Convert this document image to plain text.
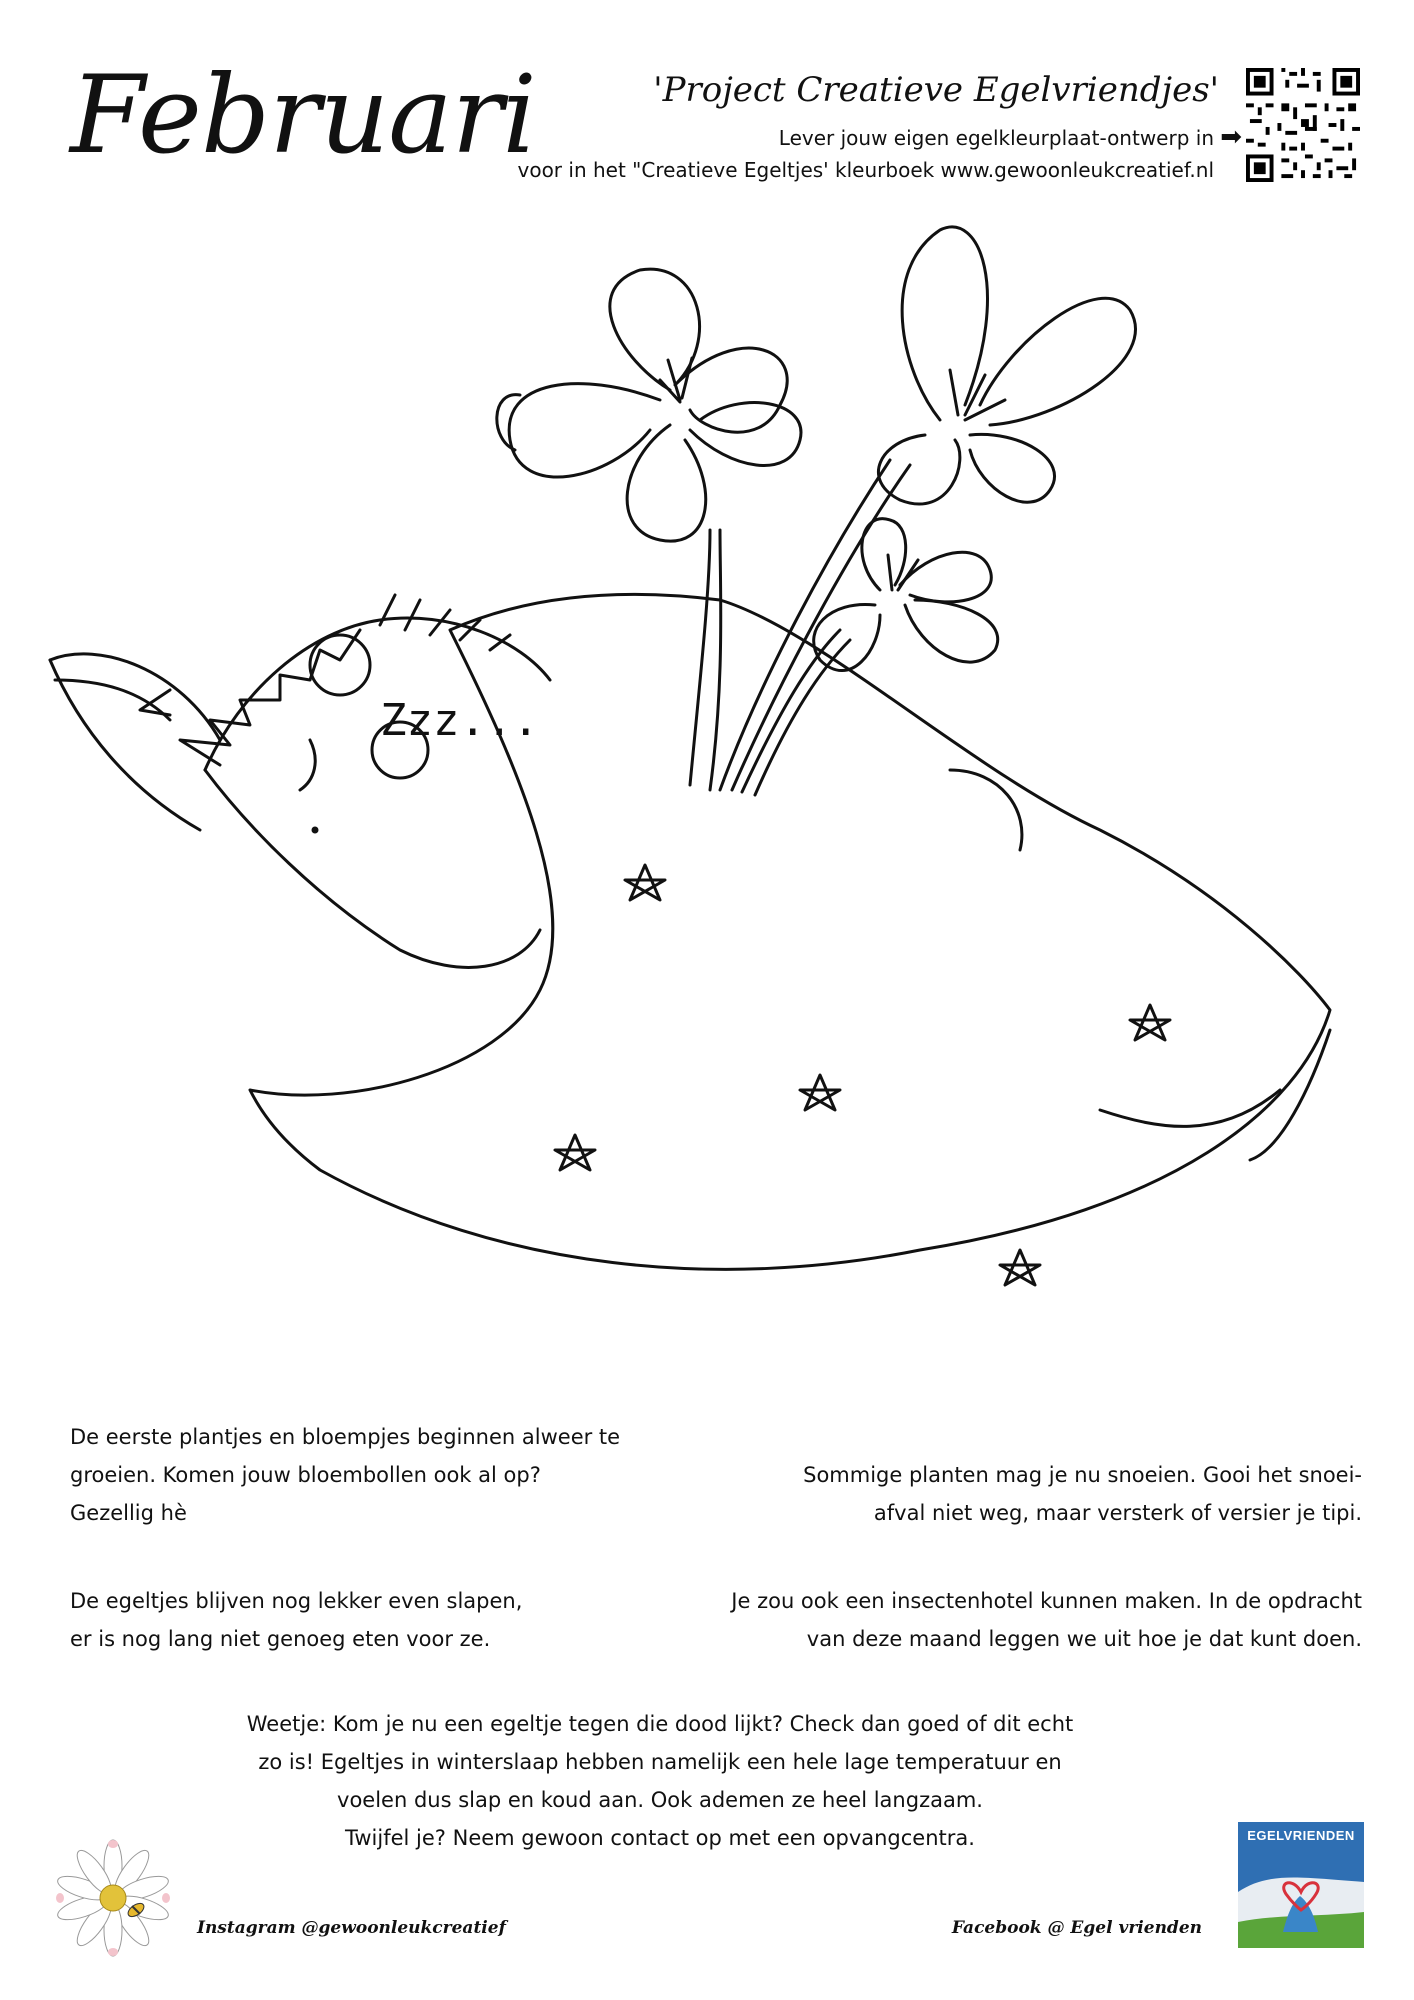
Februari	'Project Creatieve Egelvriendjes'
Lever jouw eigen egelkleurplaat-ontwerp in ➡
voor in het "Creatieve Egeltjes' kleurboek www.gewoonleukcreatief.nl
Zzz...
De eerste plantjes en bloempjes beginnen alweer te
groeien. Komen jouw bloembollen ook al op?
Gezellig hè
De egeltjes blijven nog lekker even slapen,
er is nog lang niet genoeg eten voor ze.
Sommige planten mag je nu snoeien. Gooi het snoei-
afval niet weg, maar versterk of versier je tipi.
Je zou ook een insectenhotel kunnen maken. In de opdracht
van deze maand leggen we uit hoe je dat kunt doen.
Weetje: Kom je nu een egeltje tegen die dood lijkt? Check dan goed of dit echt
zo is! Egeltjes in winterslaap hebben namelijk een hele lage temperatuur en
voelen dus slap en koud aan. Ook ademen ze heel langzaam.
Twijfel je? Neem gewoon contact op met een opvangcentra.
Instagram @gewoonleukcreatief	Facebook @ Egel vrienden
EGELVRIENDEN
